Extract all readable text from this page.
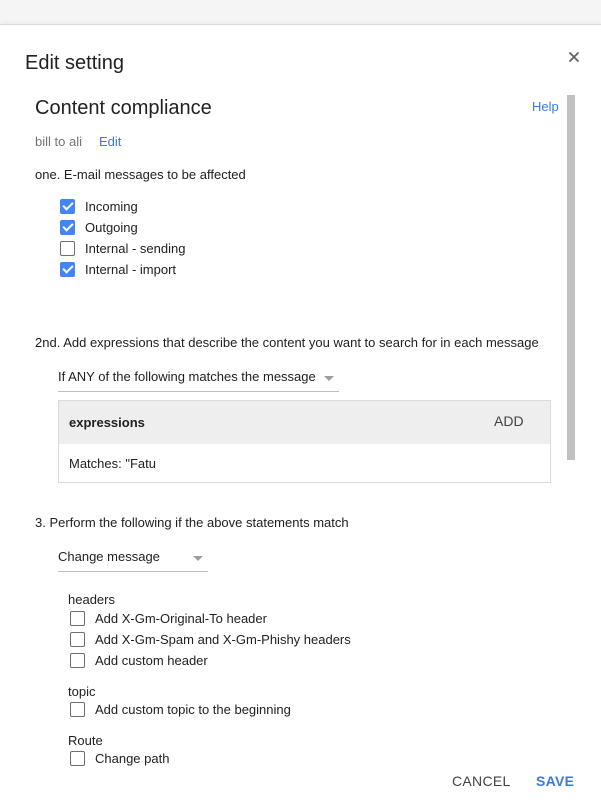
Edit setting
Content compliance	Help
bill to ali Edit
one. E-mail messages to be affected
Incoming
Outgoing
Internal - sending
Internal - import
2nd. Add expressions that describe the content you want to search for in each message
If ANY of the following matches the message
expressions	ADD
Matches: "Fatu
3. Perform the following if the above statements match
Change message
headers
Add X-Gm-Original-To header
Add X-Gm-Spam and X-Gm-Phishy headers
Add custom header
topic
Add custom topic to the beginning
Route
Change path
CANCEL SAVE
